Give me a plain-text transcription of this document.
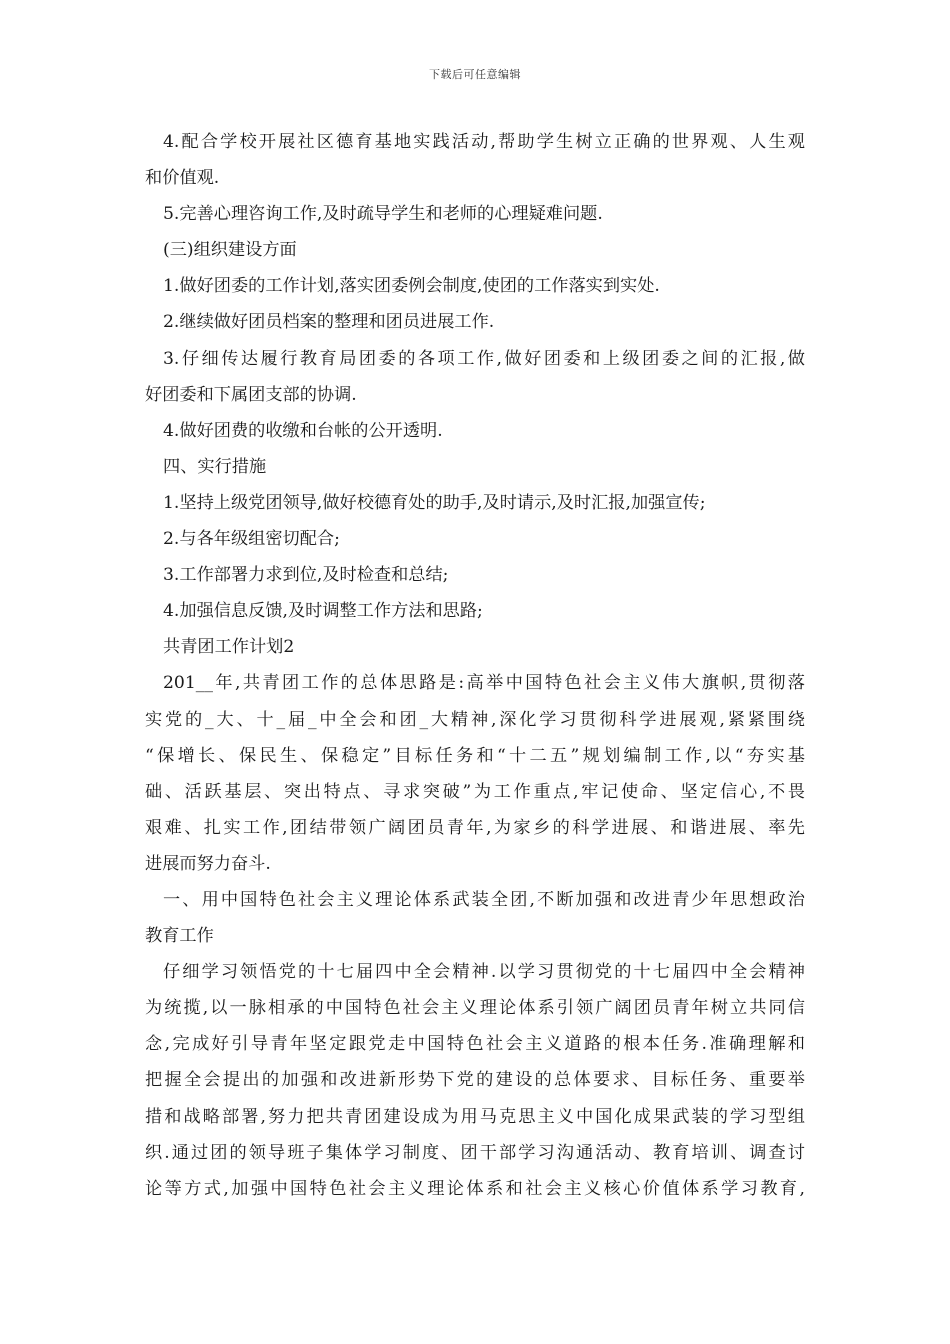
下载后可任意编辑
4.配合学校开展社区德育基地实践活动,帮助学生树立正确的世界观、人生观
和价值观.
5.完善心理咨询工作,及时疏导学生和老师的心理疑难问题.
(三)组织建设方面
1.做好团委的工作计划,落实团委例会制度,使团的工作落实到实处.
2.继续做好团员档案的整理和团员进展工作.
3.仔细传达履行教育局团委的各项工作,做好团委和上级团委之间的汇报,做
好团委和下属团支部的协调.
4.做好团费的收缴和台帐的公开透明.
四、实行措施
1.坚持上级党团领导,做好校德育处的助手,及时请示,及时汇报,加强宣传;
2.与各年级组密切配合;
3.工作部署力求到位,及时检查和总结;
4.加强信息反馈,及时调整工作方法和思路;
共青团工作计划2
201__年,共青团工作的总体思路是:高举中国特色社会主义伟大旗帜,贯彻落
实党的_大、十_届_中全会和团_大精神,深化学习贯彻科学进展观,紧紧围绕
“保增长、保民生、保稳定”目标任务和“十二五”规划编制工作,以“夯实基
础、活跃基层、突出特点、寻求突破”为工作重点,牢记使命、坚定信心,不畏
艰难、扎实工作,团结带领广阔团员青年,为家乡的科学进展、和谐进展、率先
进展而努力奋斗.
一、用中国特色社会主义理论体系武装全团,不断加强和改进青少年思想政治
教育工作
仔细学习领悟党的十七届四中全会精神.以学习贯彻党的十七届四中全会精神
为统揽,以一脉相承的中国特色社会主义理论体系引领广阔团员青年树立共同信
念,完成好引导青年坚定跟党走中国特色社会主义道路的根本任务.准确理解和
把握全会提出的加强和改进新形势下党的建设的总体要求、目标任务、重要举
措和战略部署,努力把共青团建设成为用马克思主义中国化成果武装的学习型组
织.通过团的领导班子集体学习制度、团干部学习沟通活动、教育培训、调查讨
论等方式,加强中国特色社会主义理论体系和社会主义核心价值体系学习教育,
